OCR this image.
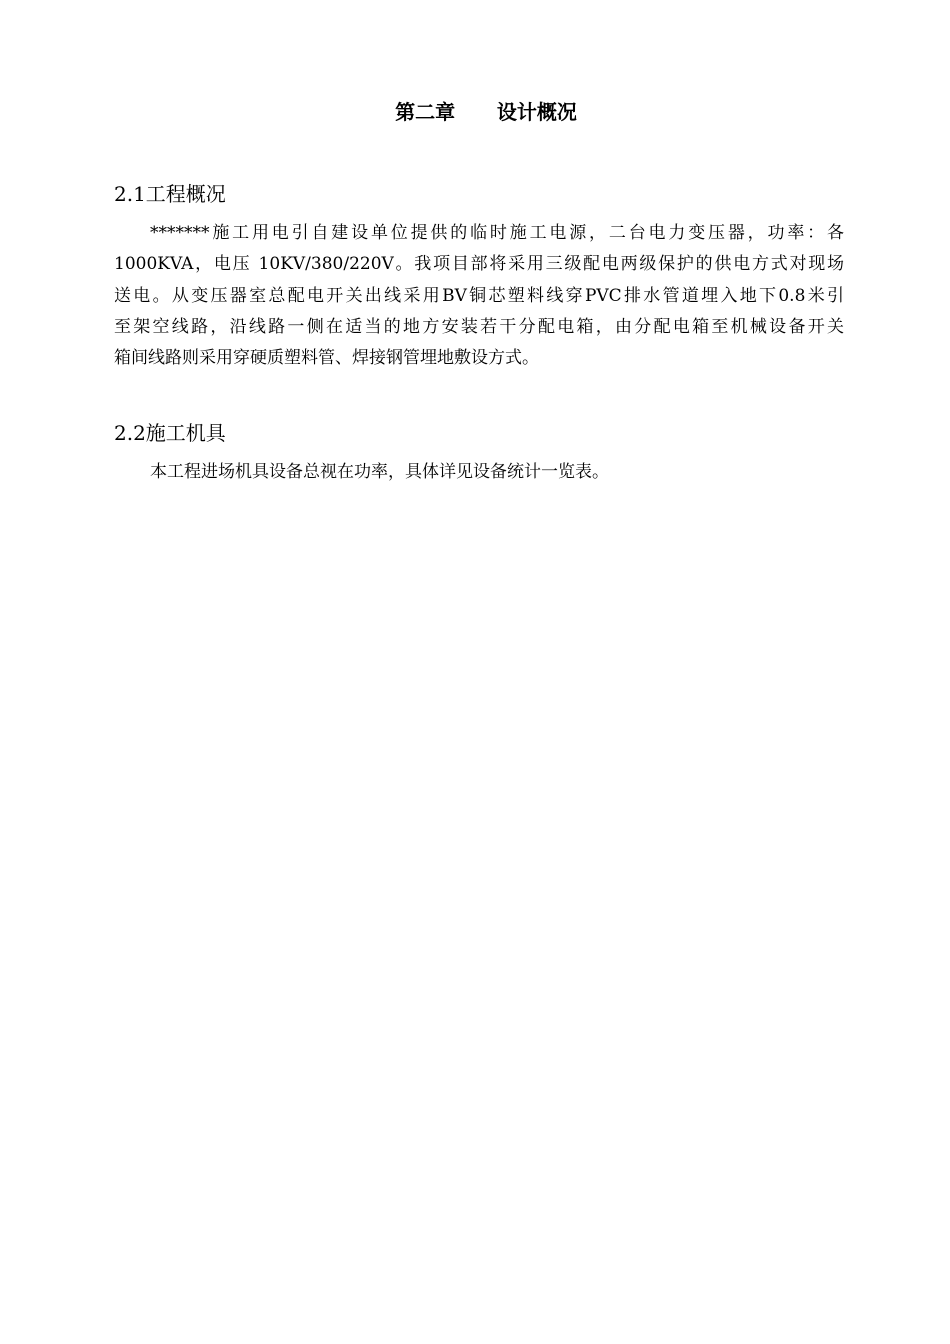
第二章      设计概况
2.1工程概况
*******施工用电引自建设单位提供的临时施工电源，二台电力变压器，功率：各
1000KVA，电压 10KV/380/220V。我项目部将采用三级配电两级保护的供电方式对现场
送电。从变压器室总配电开关出线采用BV铜芯塑料线穿PVC排水管道埋入地下0.8米引
至架空线路，沿线路一侧在适当的地方安装若干分配电箱，由分配电箱至机械设备开关
箱间线路则采用穿硬质塑料管、焊接钢管埋地敷设方式。
2.2施工机具
本工程进场机具设备总视在功率，具体详见设备统计一览表。
